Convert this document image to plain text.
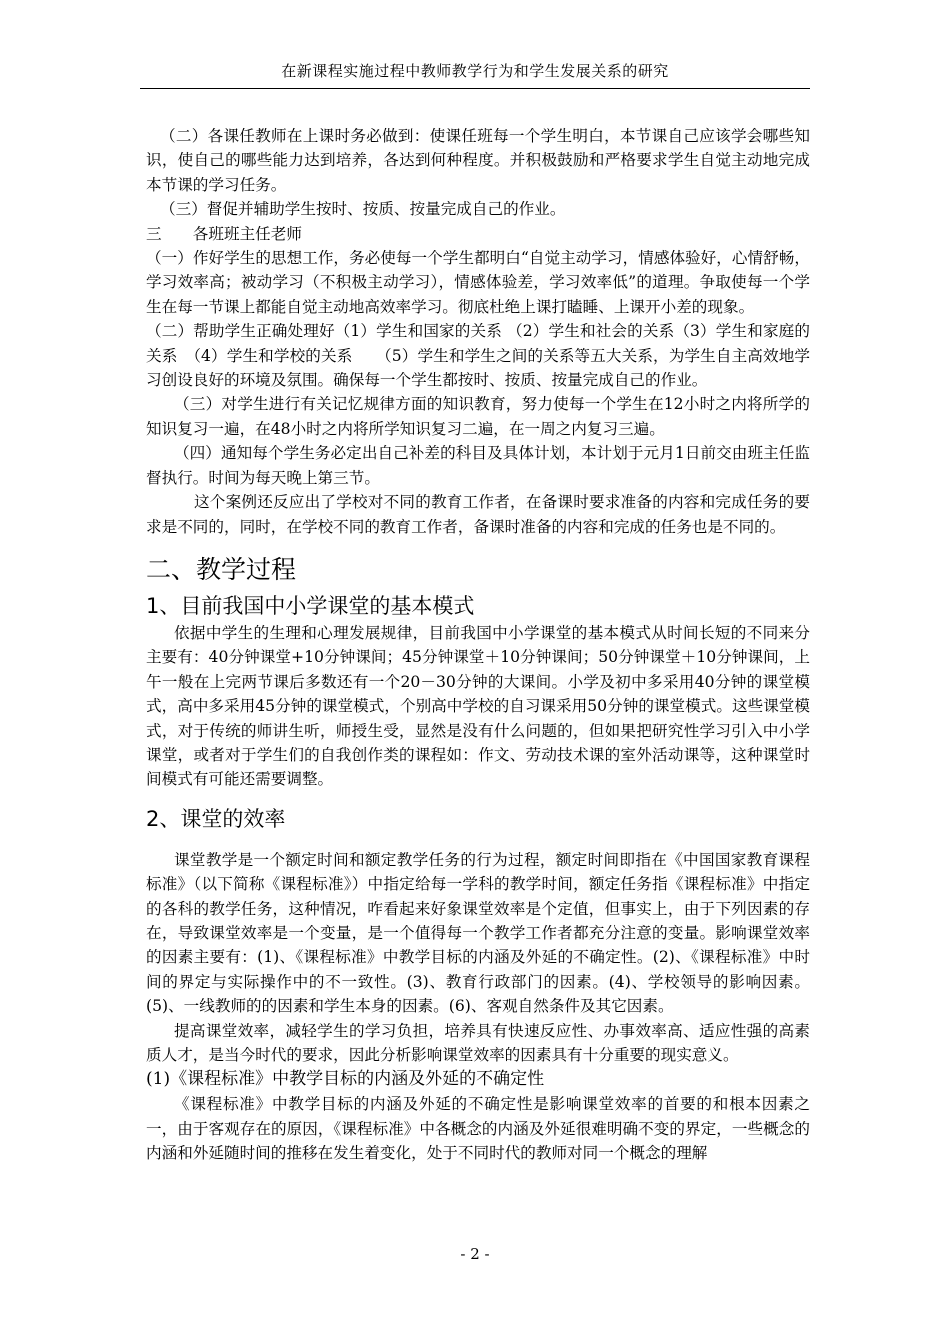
在新课程实施过程中教师教学行为和学生发展关系的研究

（二）各课任教师在上课时务必做到：使课任班每一个学生明白，本节课自己应该学会哪些知识，使自己的哪些能力达到培养，各达到何种程度。并积极鼓励和严格要求学生自觉主动地完成本节课的学习任务。

（三）督促并辅助学生按时、按质、按量完成自己的作业。

三　　各班班主任老师

（一）作好学生的思想工作，务必使每一个学生都明白“自觉主动学习，情感体验好，心情舒畅，学习效率高；被动学习（不积极主动学习），情感体验差，学习效率低”的道理。争取使每一个学生在每一节课上都能自觉主动地高效率学习。彻底杜绝上课打瞌睡、上课开小差的现象。

（二）帮助学生正确处理好（1）学生和国家的关系 （2）学生和社会的关系（3）学生和家庭的关系　（4）学生和学校的关系　　（5）学生和学生之间的关系等五大关系，为学生自主高效地学习创设良好的环境及氛围。确保每一个学生都按时、按质、按量完成自己的作业。

（三）对学生进行有关记忆规律方面的知识教育，努力使每一个学生在12小时之内将所学的知识复习一遍，在48小时之内将所学知识复习二遍，在一周之内复习三遍。

（四）通知每个学生务必定出自己补差的科目及具体计划，本计划于元月1日前交由班主任监督执行。时间为每天晚上第三节。

这个案例还反应出了学校对不同的教育工作者，在备课时要求准备的内容和完成任务的要求是不同的，同时，在学校不同的教育工作者，备课时准备的内容和完成的任务也是不同的。

二、教学过程
1、目前我国中小学课堂的基本模式

依据中学生的生理和心理发展规律，目前我国中小学课堂的基本模式从时间长短的不同来分主要有：40分钟课堂+10分钟课间；45分钟课堂＋10分钟课间；50分钟课堂＋10分钟课间，上午一般在上完两节课后多数还有一个20－30分钟的大课间。小学及初中多采用40分钟的课堂模式，高中多采用45分钟的课堂模式，个别高中学校的自习课采用50分钟的课堂模式。这些课堂模式，对于传统的师讲生听，师授生受，显然是没有什么问题的，但如果把研究性学习引入中小学课堂，或者对于学生们的自我创作类的课程如：作文、劳动技术课的室外活动课等，这种课堂时间模式有可能还需要调整。

2、课堂的效率

课堂教学是一个额定时间和额定教学任务的行为过程，额定时间即指在《中国国家教育课程标准》（以下简称《课程标准》）中指定给每一学科的教学时间，额定任务指《课程标准》中指定的各科的教学任务，这种情况，咋看起来好象课堂效率是个定值，但事实上，由于下列因素的存在，导致课堂效率是一个变量，是一个值得每一个教学工作者都充分注意的变量。影响课堂效率的因素主要有：(1)、《课程标准》中教学目标的内涵及外延的不确定性。(2)、《课程标准》中时间的界定与实际操作中的不一致性。(3)、教育行政部门的因素。(4)、学校领导的影响因素。(5)、一线教师的的因素和学生本身的因素。(6)、客观自然条件及其它因素。

提高课堂效率，减轻学生的学习负担，培养具有快速反应性、办事效率高、适应性强的高素质人才，是当今时代的要求，因此分析影响课堂效率的因素具有十分重要的现实意义。

(1)《课程标准》中教学目标的内涵及外延的不确定性

《课程标准》中教学目标的内涵及外延的不确定性是影响课堂效率的首要的和根本因素之一，由于客观存在的原因，《课程标准》中各概念的内涵及外延很难明确不变的界定，一些概念的内涵和外延随时间的推移在发生着变化，处于不同时代的教师对同一个概念的理解

- 2 -
